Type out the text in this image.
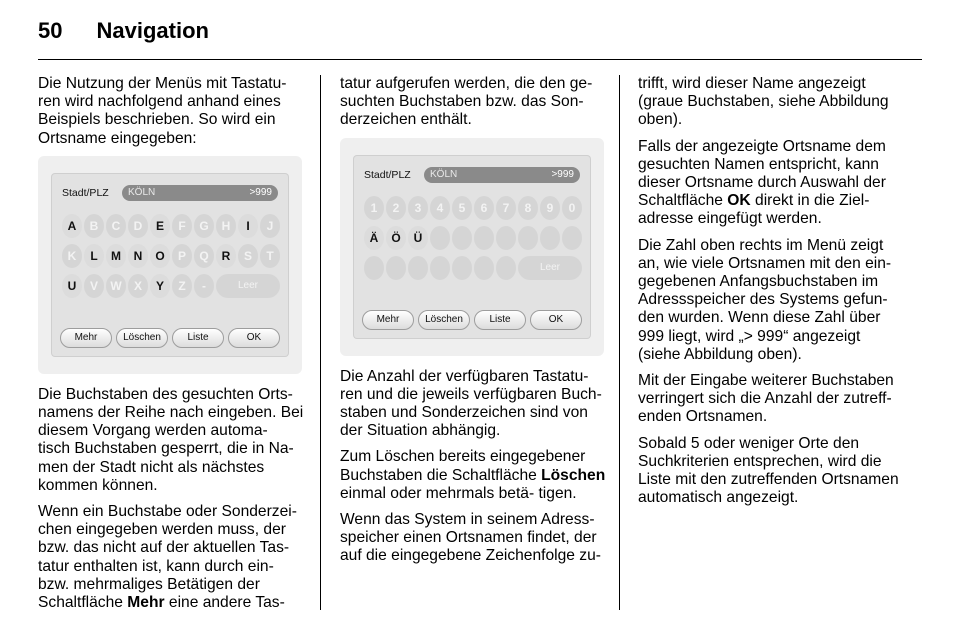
50 Navigation

Die Nutzung der Menüs mit Tastatu- ren wird nachfolgend anhand eines Beispiels beschrieben. So wird ein Ortsname eingegeben:

Stadt/PLZ	KÖLN	>999
A	B	C	D	E	F	G	H	I	J
K	L	M	N	O	P	Q	R	S	T
U	V	W	X	Y	Z	-	Leer
Mehr	Löschen	Liste	OK

Die Buchstaben des gesuchten Orts- namens der Reihe nach eingeben. Bei diesem Vorgang werden automa- tisch Buchstaben gesperrt, die in Na- men der Stadt nicht als nächstes kommen können.

Wenn ein Buchstabe oder Sonderzei- chen eingegeben werden muss, der bzw. das nicht auf der aktuellen Tas- tatur enthalten ist, kann durch ein- bzw. mehrmaliges Betätigen der Schaltfläche Mehr eine andere Tas-

tatur aufgerufen werden, die den ge- suchten Buchstaben bzw. das Son- derzeichen enthält.

Stadt/PLZ	KÖLN	>999
1	2	3	4	5	6	7	8	9	0
Ä	Ö	Ü
Leer
Mehr	Löschen	Liste	OK

Die Anzahl der verfügbaren Tastatu- ren und die jeweils verfügbaren Buch- staben und Sonderzeichen sind von der Situation abhängig.

Zum Löschen bereits eingegebener Buchstaben die Schaltfläche Löschen einmal oder mehrmals betä- tigen.

Wenn das System in seinem Adress- speicher einen Ortsnamen findet, der auf die eingegebene Zeichenfolge zu-

trifft, wird dieser Name angezeigt (graue Buchstaben, siehe Abbildung oben).

Falls der angezeigte Ortsname dem gesuchten Namen entspricht, kann dieser Ortsname durch Auswahl der Schaltfläche OK direkt in die Ziel- adresse eingefügt werden.

Die Zahl oben rechts im Menü zeigt an, wie viele Ortsnamen mit den ein- gegebenen Anfangsbuchstaben im Adressspeicher des Systems gefun- den wurden. Wenn diese Zahl über 999 liegt, wird „> 999“ angezeigt (siehe Abbildung oben).

Mit der Eingabe weiterer Buchstaben verringert sich die Anzahl der zutreff- enden Ortsnamen.

Sobald 5 oder weniger Orte den Suchkriterien entsprechen, wird die Liste mit den zutreffenden Ortsnamen automatisch angezeigt.
